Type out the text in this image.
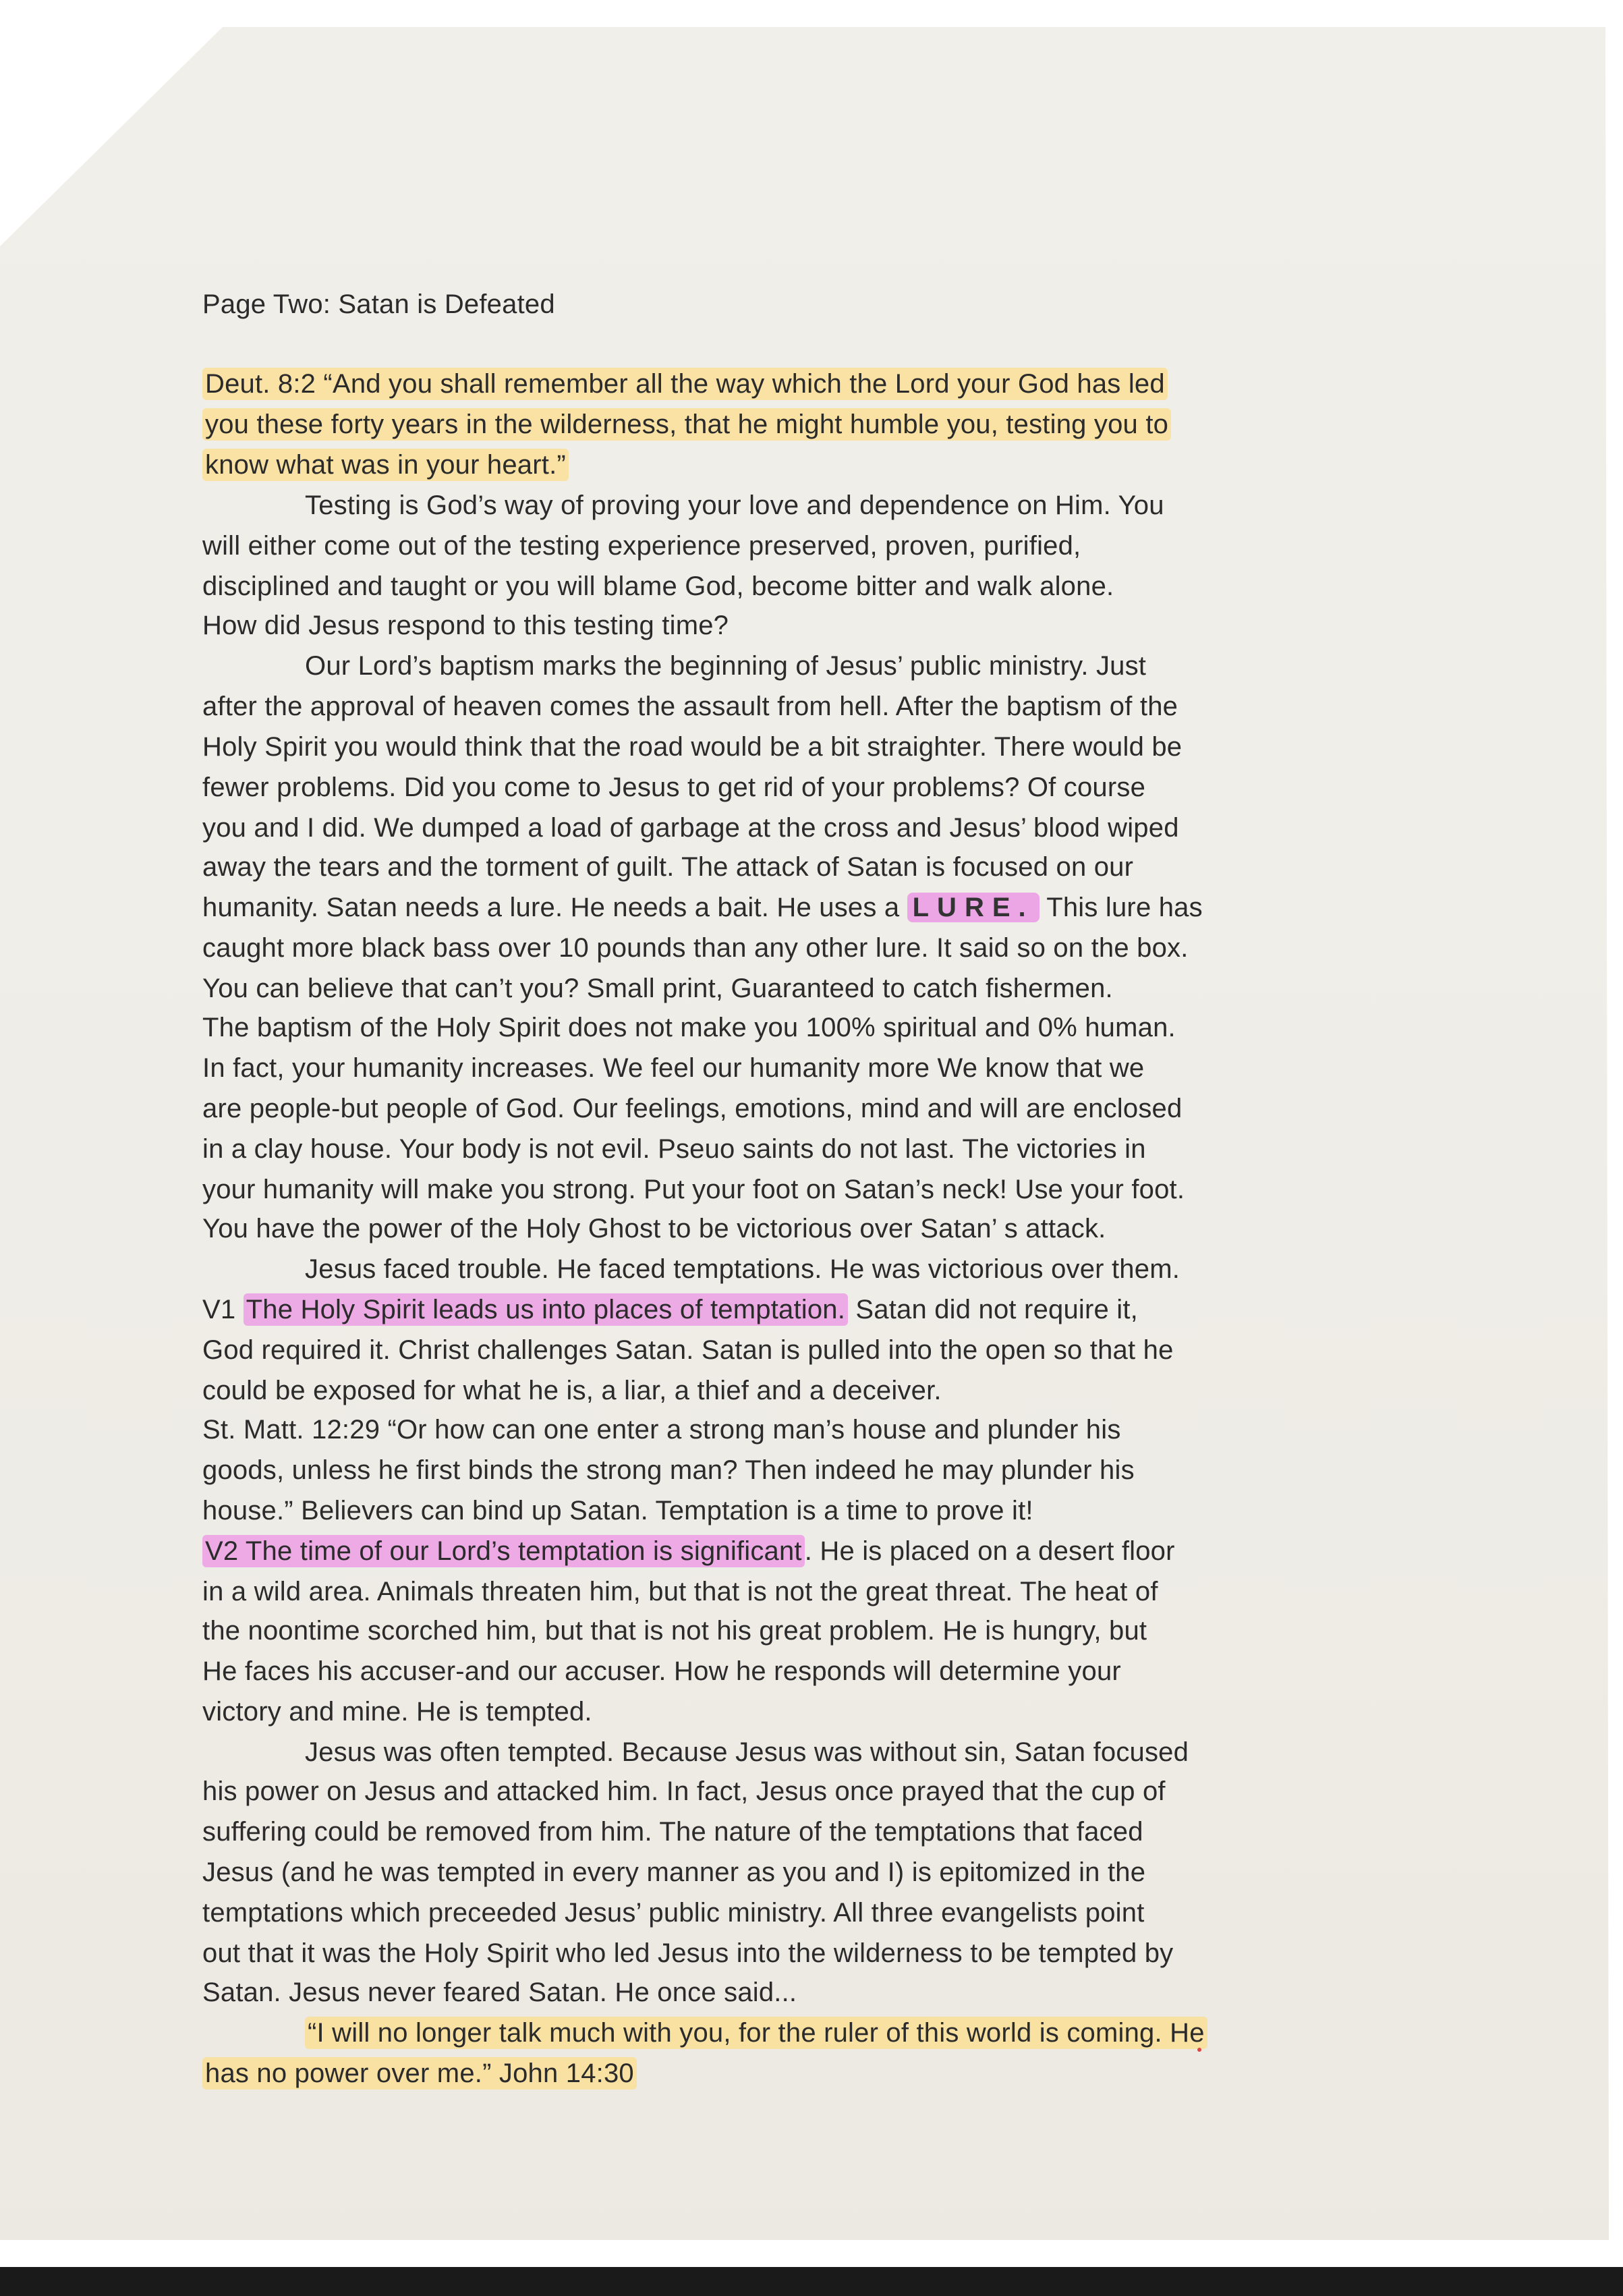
Page Two: Satan is Defeated
Deut. 8:2 “And you shall remember all the way which the Lord your God has led
you these forty years in the wilderness, that he might humble you, testing you to
know what was in your heart.”
Testing is God’s way of proving your love and dependence on Him. You
will either come out of the testing experience preserved, proven, purified,
disciplined and taught or you will blame God, become bitter and walk alone.
How did Jesus respond to this testing time?
Our Lord’s baptism marks the beginning of Jesus’ public ministry. Just
after the approval of heaven comes the assault from hell. After the baptism of the
Holy Spirit you would think that the road would be a bit straighter. There would be
fewer problems. Did you come to Jesus to get rid of your problems? Of course
you and I did. We dumped a load of garbage at the cross and Jesus’ blood wiped
away the tears and the torment of guilt. The attack of Satan is focused on our
humanity. Satan needs a lure. He needs a bait. He uses a LURE. This lure has
caught more black bass over 10 pounds than any other lure. It said so on the box.
You can believe that can’t you? Small print, Guaranteed to catch fishermen.
The baptism of the Holy Spirit does not make you 100% spiritual and 0% human.
In fact, your humanity increases. We feel our humanity more We know that we
are people-but people of God. Our feelings, emotions, mind and will are enclosed
in a clay house. Your body is not evil. Pseuo saints do not last. The victories in
your humanity will make you strong. Put your foot on Satan’s neck! Use your foot.
You have the power of the Holy Ghost to be victorious over Satan’ s attack.
Jesus faced trouble. He faced temptations. He was victorious over them.
V1 The Holy Spirit leads us into places of temptation. Satan did not require it,
God required it. Christ challenges Satan. Satan is pulled into the open so that he
could be exposed for what he is, a liar, a thief and a deceiver.
St. Matt. 12:29 “Or how can one enter a strong man’s house and plunder his
goods, unless he first binds the strong man? Then indeed he may plunder his
house.” Believers can bind up Satan. Temptation is a time to prove it!
V2 The time of our Lord’s temptation is significant . He is placed on a desert floor
in a wild area. Animals threaten him, but that is not the great threat. The heat of
the noontime scorched him, but that is not his great problem. He is hungry, but
He faces his accuser-and our accuser. How he responds will determine your
victory and mine. He is tempted.
Jesus was often tempted. Because Jesus was without sin, Satan focused
his power on Jesus and attacked him. In fact, Jesus once prayed that the cup of
suffering could be removed from him. The nature of the temptations that faced
Jesus (and he was tempted in every manner as you and I) is epitomized in the
temptations which preceeded Jesus’ public ministry. All three evangelists point
out that it was the Holy Spirit who led Jesus into the wilderness to be tempted by
Satan. Jesus never feared Satan. He once said...
“I will no longer talk much with you, for the ruler of this world is coming. He
has no power over me.” John 14:30
